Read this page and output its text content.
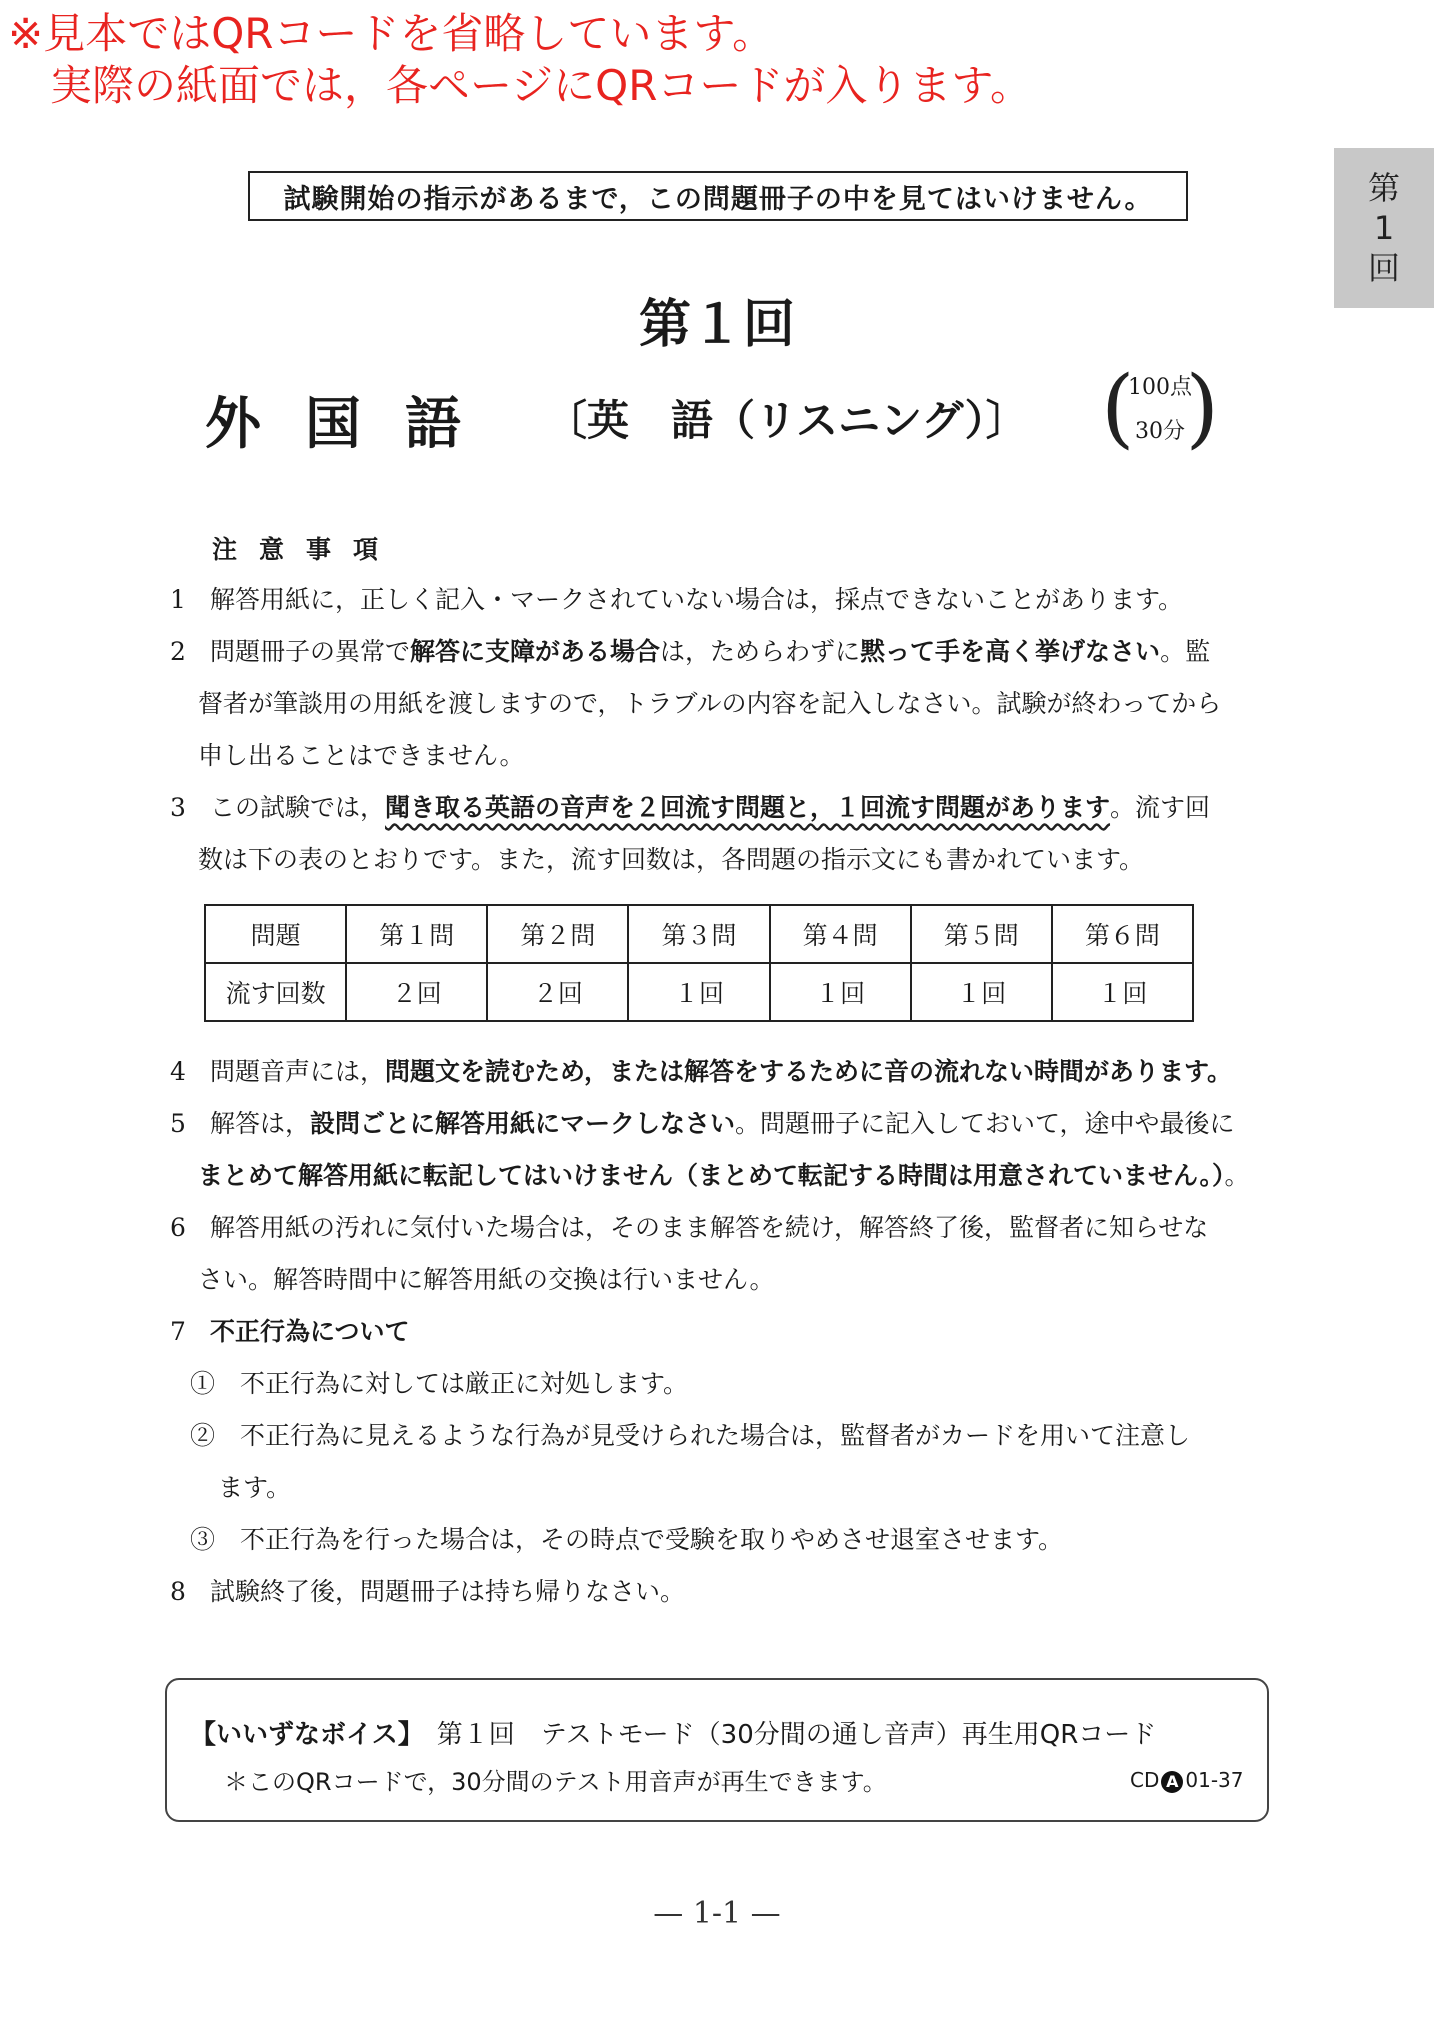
※見本ではQRコードを省略しています。
実際の紙面では，各ページにQRコードが入ります。
第
1
回
試験開始の指示があるまで，この問題冊子の中を見てはいけません。
第１回
外国語 〔英　語（リスニング）〕 ( )
100点
30分
注意事項
1 解答用紙に，正しく記入・マークされていない場合は，採点できないことがあります。
2 問題冊子の異常で解答に支障がある場合は，ためらわずに黙って手を高く挙げなさい。監
督者が筆談用の用紙を渡しますので，トラブルの内容を記入しなさい。試験が終わってから
申し出ることはできません。
3 この試験では，聞き取る英語の音声を２回流す問題と，１回流す問題があります。流す回
数は下の表のとおりです。また，流す回数は，各問題の指示文にも書かれています。
問題	第１問	第２問	第３問	第４問	第５問	第６問
流す回数	２回	２回	１回	１回	１回	１回
4 問題音声には，問題文を読むため，または解答をするために音の流れない時間があります。
5 解答は，設問ごとに解答用紙にマークしなさい。問題冊子に記入しておいて，途中や最後に
まとめて解答用紙に転記してはいけません（まとめて転記する時間は用意されていません。）。
6 解答用紙の汚れに気付いた場合は，そのまま解答を続け，解答終了後，監督者に知らせな
さい。解答時間中に解答用紙の交換は行いません。
7 不正行為について
①　 不正行為に対しては厳正に対処します。
②　 不正行為に見えるような行為が見受けられた場合は，監督者がカードを用いて注意し
ます。
③　 不正行為を行った場合は，その時点で受験を取りやめさせ退室させます。
8 試験終了後，問題冊子は持ち帰りなさい。
【いいずなボイス】　第１回　テストモード（30分間の通し音声）再生用QRコード
＊このQRコードで，30分間のテスト用音声が再生できます。	CD A 01-37
— 1-1 —
